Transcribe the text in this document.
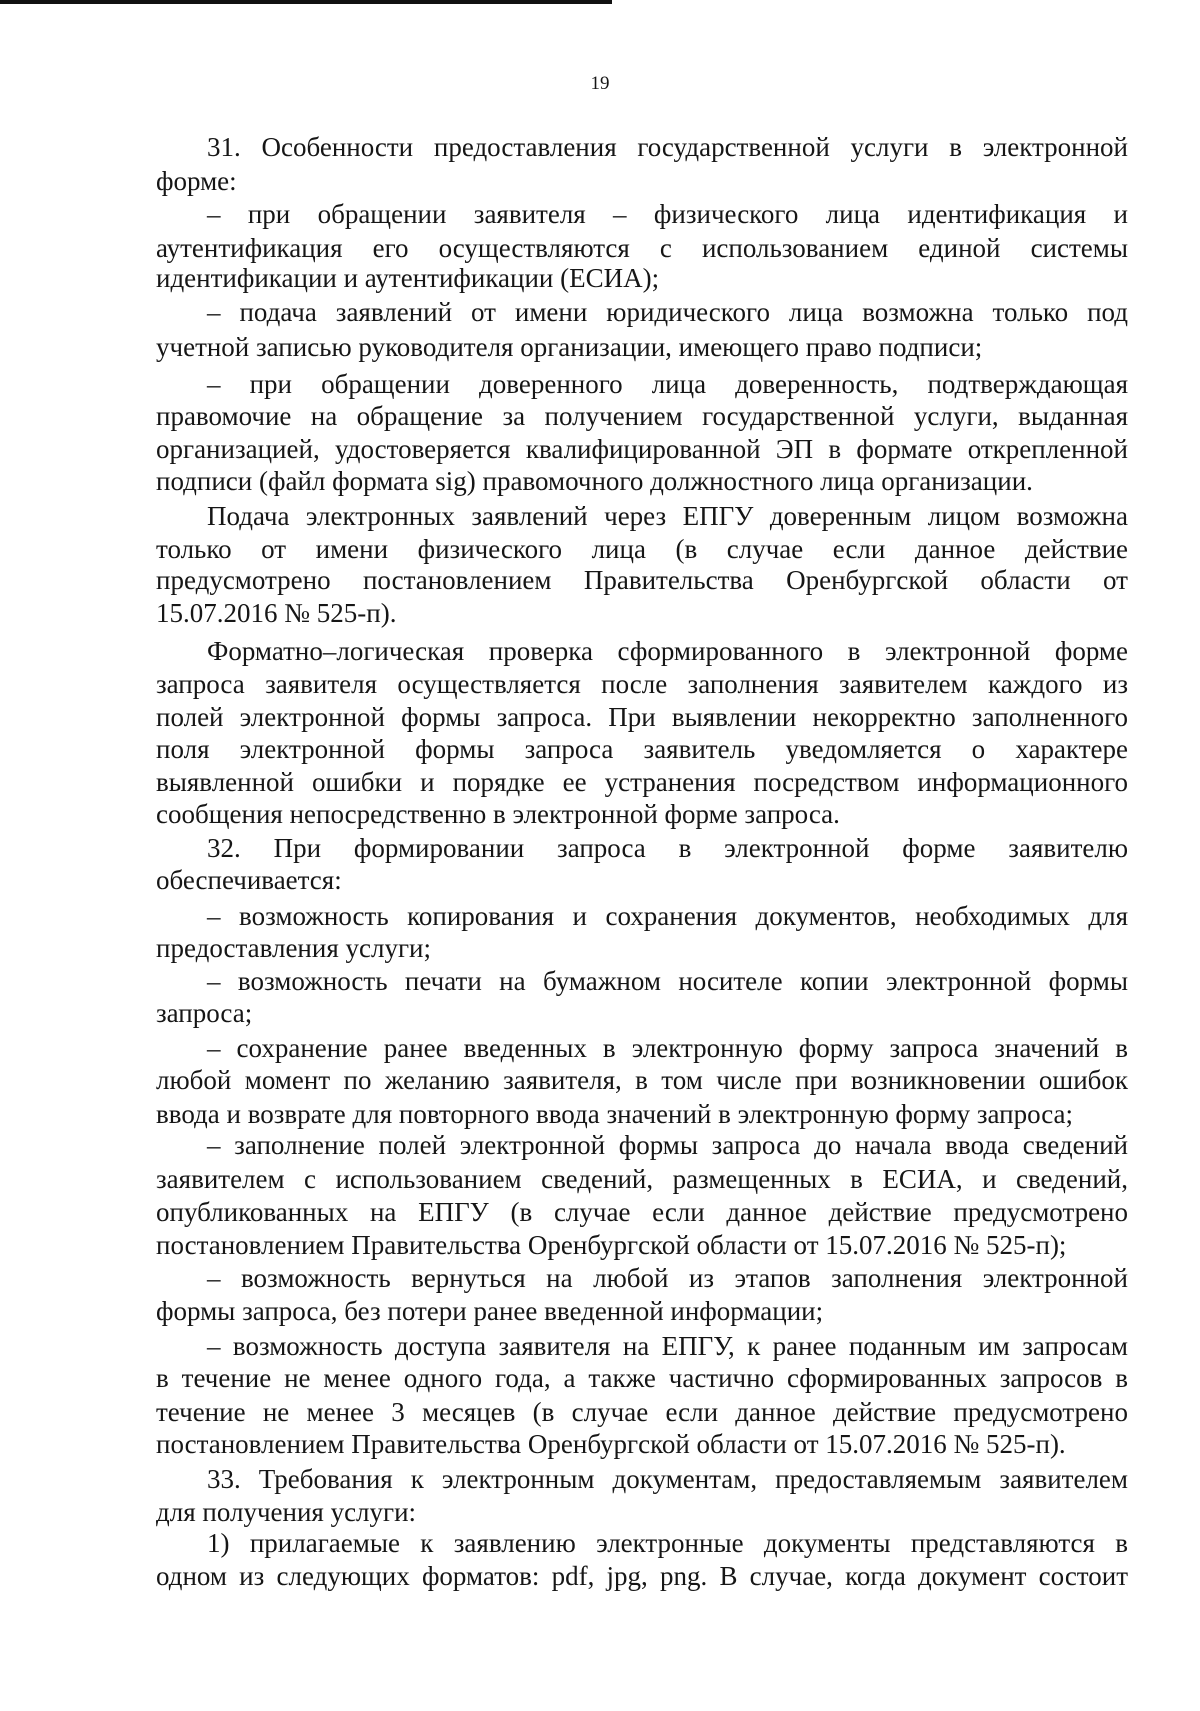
19
31. Особенности предоставления государственной услуги в электронной
форме:
– при обращении заявителя – физического лица идентификация и
аутентификация его осуществляются с использованием единой системы
идентификации и аутентификации (ЕСИА);
– подача заявлений от имени юридического лица возможна только под
учетной записью руководителя организации, имеющего право подписи;
– при обращении доверенного лица доверенность, подтверждающая
правомочие на обращение за получением государственной услуги, выданная
организацией, удостоверяется квалифицированной ЭП в формате открепленной
подписи (файл формата sig) правомочного должностного лица организации.
Подача электронных заявлений через ЕПГУ доверенным лицом возможна
только от имени физического лица (в случае если данное действие
предусмотрено постановлением Правительства Оренбургской области от
15.07.2016 № 525-п).
Форматно–логическая проверка сформированного в электронной форме
запроса заявителя осуществляется после заполнения заявителем каждого из
полей электронной формы запроса. При выявлении некорректно заполненного
поля электронной формы запроса заявитель уведомляется о характере
выявленной ошибки и порядке ее устранения посредством информационного
сообщения непосредственно в электронной форме запроса.
32. При формировании запроса в электронной форме заявителю
обеспечивается:
– возможность копирования и сохранения документов, необходимых для
предоставления услуги;
– возможность печати на бумажном носителе копии электронной формы
запроса;
– сохранение ранее введенных в электронную форму запроса значений в
любой момент по желанию заявителя, в том числе при возникновении ошибок
ввода и возврате для повторного ввода значений в электронную форму запроса;
– заполнение полей электронной формы запроса до начала ввода сведений
заявителем с использованием сведений, размещенных в ЕСИА, и сведений,
опубликованных на ЕПГУ (в случае если данное действие предусмотрено
постановлением Правительства Оренбургской области от 15.07.2016 № 525-п);
– возможность вернуться на любой из этапов заполнения электронной
формы запроса, без потери ранее введенной информации;
– возможность доступа заявителя на ЕПГУ, к ранее поданным им запросам
в течение не менее одного года, а также частично сформированных запросов в
течение не менее 3 месяцев (в случае если данное действие предусмотрено
постановлением Правительства Оренбургской области от 15.07.2016 № 525-п).
33. Требования к электронным документам, предоставляемым заявителем
для получения услуги:
1) прилагаемые к заявлению электронные документы представляются в
одном из следующих форматов: pdf, jpg, png. В случае, когда документ состоит
